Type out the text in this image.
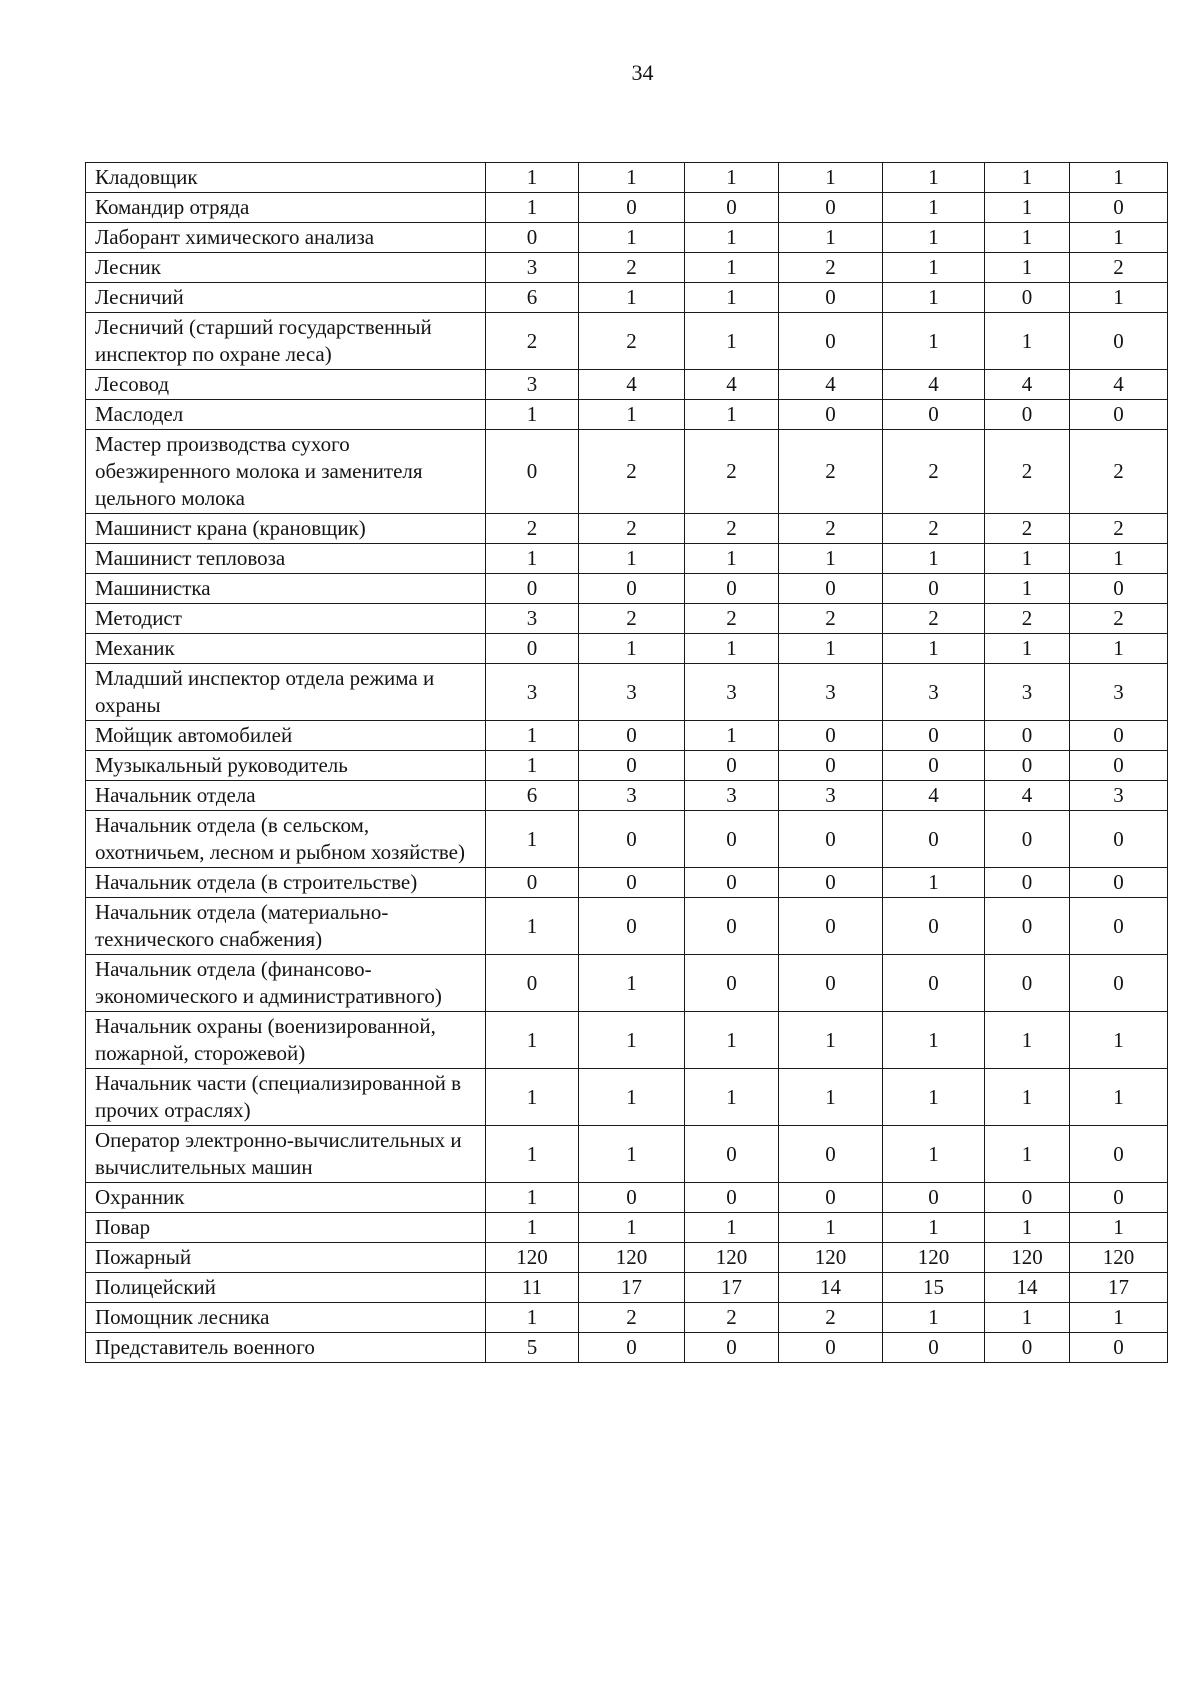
34
Кладовщик	1	1	1	1	1	1	1
Командир отряда	1	0	0	0	1	1	0
Лаборант химического анализа	0	1	1	1	1	1	1
Лесник	3	2	1	2	1	1	2
Лесничий	6	1	1	0	1	0	1
Лесничий (старший государственный инспектор по охране леса)	2	2	1	0	1	1	0
Лесовод	3	4	4	4	4	4	4
Маслодел	1	1	1	0	0	0	0
Мастер производства сухого обезжиренного молока и заменителя цельного молока	0	2	2	2	2	2	2
Машинист крана (крановщик)	2	2	2	2	2	2	2
Машинист тепловоза	1	1	1	1	1	1	1
Машинистка	0	0	0	0	0	1	0
Методист	3	2	2	2	2	2	2
Механик	0	1	1	1	1	1	1
Младший инспектор отдела режима и охраны	3	3	3	3	3	3	3
Мойщик автомобилей	1	0	1	0	0	0	0
Музыкальный руководитель	1	0	0	0	0	0	0
Начальник отдела	6	3	3	3	4	4	3
Начальник отдела (в сельском, охотничьем, лесном и рыбном хозяйстве)	1	0	0	0	0	0	0
Начальник отдела (в строительстве)	0	0	0	0	1	0	0
Начальник отдела (материально-технического снабжения)	1	0	0	0	0	0	0
Начальник отдела (финансово-экономического и административного)	0	1	0	0	0	0	0
Начальник охраны (военизированной, пожарной, сторожевой)	1	1	1	1	1	1	1
Начальник части (специализированной в прочих отраслях)	1	1	1	1	1	1	1
Оператор электронно-вычислительных и вычислительных машин	1	1	0	0	1	1	0
Охранник	1	0	0	0	0	0	0
Повар	1	1	1	1	1	1	1
Пожарный	120	120	120	120	120	120	120
Полицейский	11	17	17	14	15	14	17
Помощник лесника	1	2	2	2	1	1	1
Представитель военного	5	0	0	0	0	0	0
